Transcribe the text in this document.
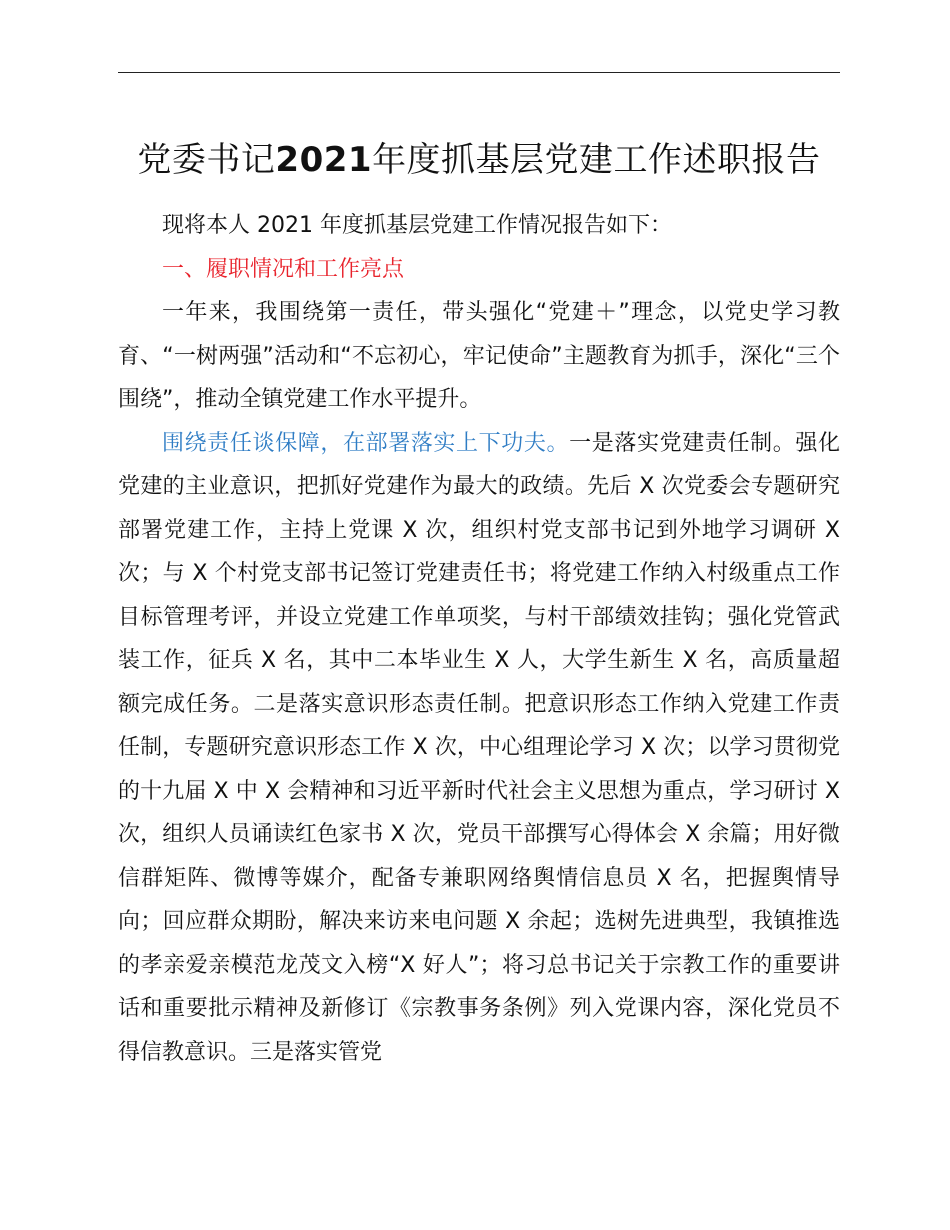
党委书记2021年度抓基层党建工作述职报告

现将本人 2021 年度抓基层党建工作情况报告如下：

一、履职情况和工作亮点

一年来，我围绕第一责任，带头强化“党建＋”理念，以党史学习教育、“一树两强”活动和“不忘初心，牢记使命”主题教育为抓手，深化“三个围绕”，推动全镇党建工作水平提升。

围绕责任谈保障，在部署落实上下功夫。一是落实党建责任制。强化党建的主业意识，把抓好党建作为最大的政绩。先后 X 次党委会专题研究部署党建工作，主持上党课 X 次，组织村党支部书记到外地学习调研 X 次；与 X 个村党支部书记签订党建责任书；将党建工作纳入村级重点工作目标管理考评，并设立党建工作单项奖，与村干部绩效挂钩；强化党管武装工作，征兵 X 名，其中二本毕业生 X 人，大学生新生 X 名，高质量超额完成任务。二是落实意识形态责任制。把意识形态工作纳入党建工作责任制，专题研究意识形态工作 X 次，中心组理论学习 X 次；以学习贯彻党的十九届 X 中 X 会精神和习近平新时代社会主义思想为重点，学习研讨 X 次，组织人员诵读红色家书 X 次，党员干部撰写心得体会 X 余篇；用好微信群矩阵、微博等媒介，配备专兼职网络舆情信息员 X 名，把握舆情导向；回应群众期盼，解决来访来电问题 X 余起；选树先进典型，我镇推选的孝亲爱亲模范龙茂文入榜“X 好人”；将习总书记关于宗教工作的重要讲话和重要批示精神及新修订《宗教事务条例》列入党课内容，深化党员不得信教意识。三是落实管党
